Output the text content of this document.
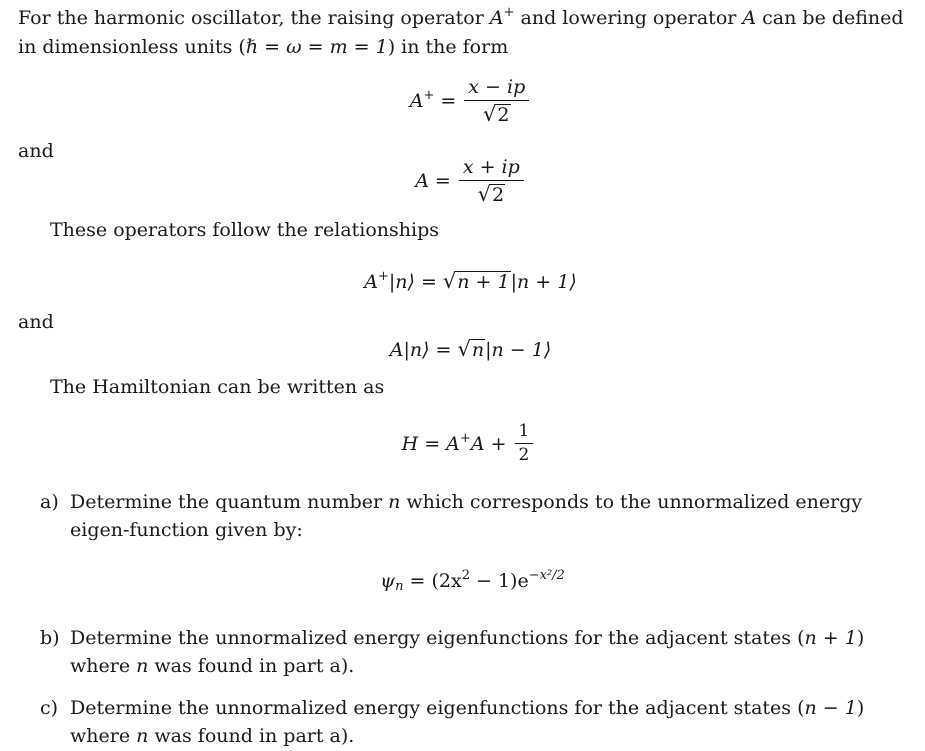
For the harmonic oscillator, the raising operator A+ and lowering operator A can be defined in dimensionless units (ℏ = ω = m = 1) in the form
$A^+ = \frac{x - ip}{√ 2}$
and
$A = \frac{x + ip}{√ 2}$
These operators follow the relationships
A+|n⟩ = √ n + 1 |n + 1⟩
and
A|n⟩ = √ n |n − 1⟩
The Hamiltonian can be written as
$H = A^+A + \frac{1}{2}$
a) Determine the quantum number n which corresponds to the unnormalized energy eigen-function given by:
$\psi_n = (2x^2 - 1)e^{-x^2/2}$
b) Determine the unnormalized energy eigenfunctions for the adjacent states (n + 1) where n was found in part a).
c) Determine the unnormalized energy eigenfunctions for the adjacent states (n − 1) where n was found in part a).
